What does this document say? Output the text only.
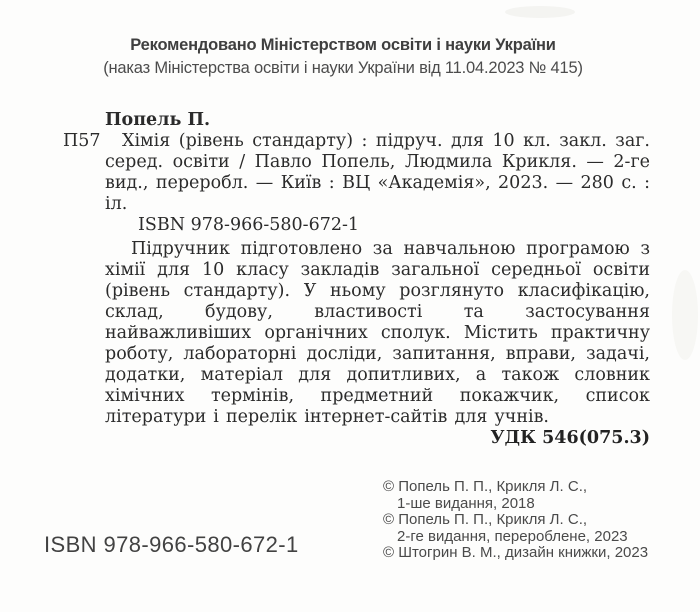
Рекомендовано Міністерством освіти і науки України
(наказ Міністерства освіти і науки України від 11.04.2023 № 415)
Попель П.
П57	Хімія (рівень стандарту) : підруч. для 10 кл. закл. заг. серед. освіти / Павло Попель, Людмила Крикля. — 2-ге вид., переробл. — Київ : ВЦ «Академія», 2023. — 280 с. : іл.
ISBN 978-966-580-672-1
Підручник підготовлено за навчальною програмою з хімії для 10 класу закладів загальної середньої освіти (рівень стандарту). У ньому розглянуто класифікацію, склад, будову, властивості та застосування найважливіших органічних сполук. Містить практичну роботу, лабораторні досліди, запитання, вправи, задачі, додатки, матеріал для допитливих, а також словник хімічних термінів, предметний покажчик, список літератури і перелік інтернет-сайтів для учнів.
УДК 546(075.3)
ISBN 978-966-580-672-1
© Попель П. П., Крикля Л. С.,
1-ше видання, 2018
© Попель П. П., Крикля Л. С.,
2-ге видання, перероблене, 2023
© Штогрин В. М., дизайн книжки, 2023
